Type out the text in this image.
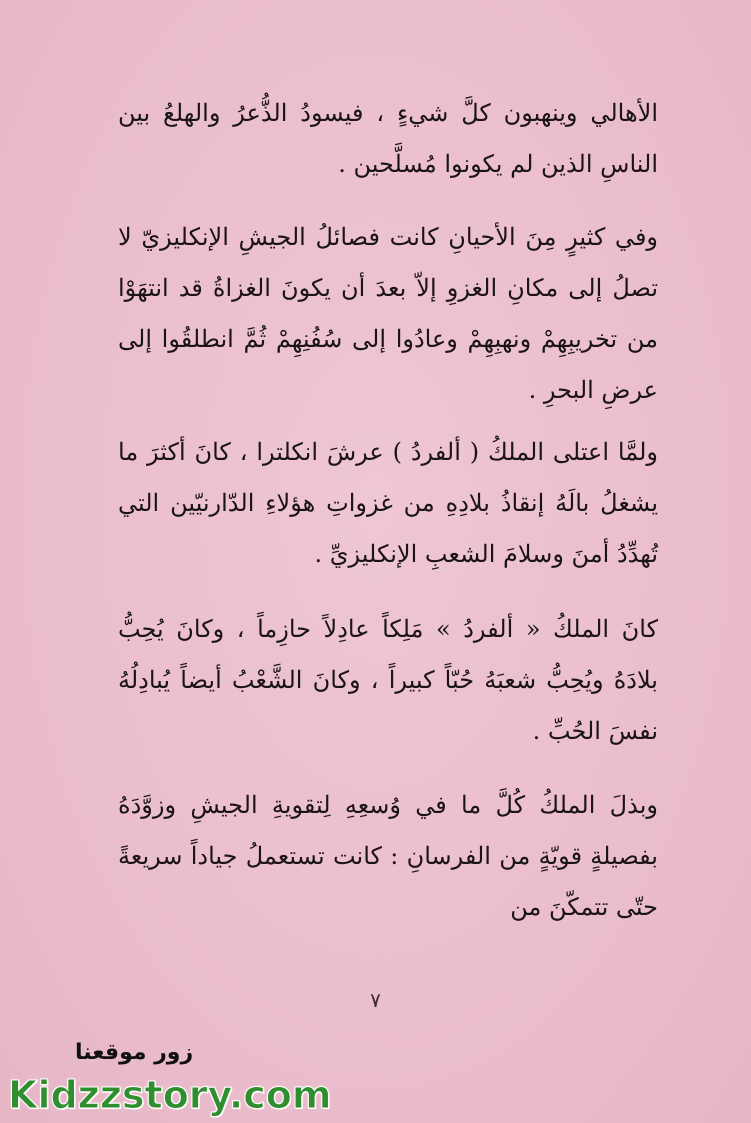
الأهالي وينهبون كلَّ شيءٍ ، فيسودُ الذُّعرُ والهلعُ بين الناسِ الذين لم يكونوا مُسلَّحين .
وفي كثيرٍ مِنَ الأحيانِ كانت فصائلُ الجيشِ الإنكليزيّ لا تصلُ إلى مكانِ الغزوِ إلاّ بعدَ أن يكونَ الغزاةُ قد انتهَوْا من تخريبِهِمْ ونهبِهِمْ وعادُوا إلى سُفُنِهِمْ ثُمَّ انطلقُوا إلى عرضِ البحرِ .
ولمَّا اعتلى الملكُ ( ألفردُ ) عرشَ انكلترا ، كانَ أكثرَ ما يشغلُ بالَهُ إنقاذُ بلادِهِ من غزواتِ هؤلاءِ الدّارنيّين التي تُهدِّدُ أمنَ وسلامَ الشعبِ الإنكليزيِّ .
كانَ الملكُ « ألفردُ » مَلِكاً عادِلاً حازِماً ، وكانَ يُحِبُّ بلادَهُ ويُحِبُّ شعبَهُ حُبّاً كبيراً ، وكانَ الشَّعْبُ أيضاً يُبادِلُهُ نفسَ الحُبِّ .
وبذلَ الملكُ كُلَّ ما في وُسعِهِ لِتقويةِ الجيشِ وزوَّدَهُ بفصيلةٍ قويّةٍ من الفرسانِ : كانت تستعملُ جياداً سريعةً حتّى تتمكّنَ من
٧
زور موقعنا
Kidzzstory.com
